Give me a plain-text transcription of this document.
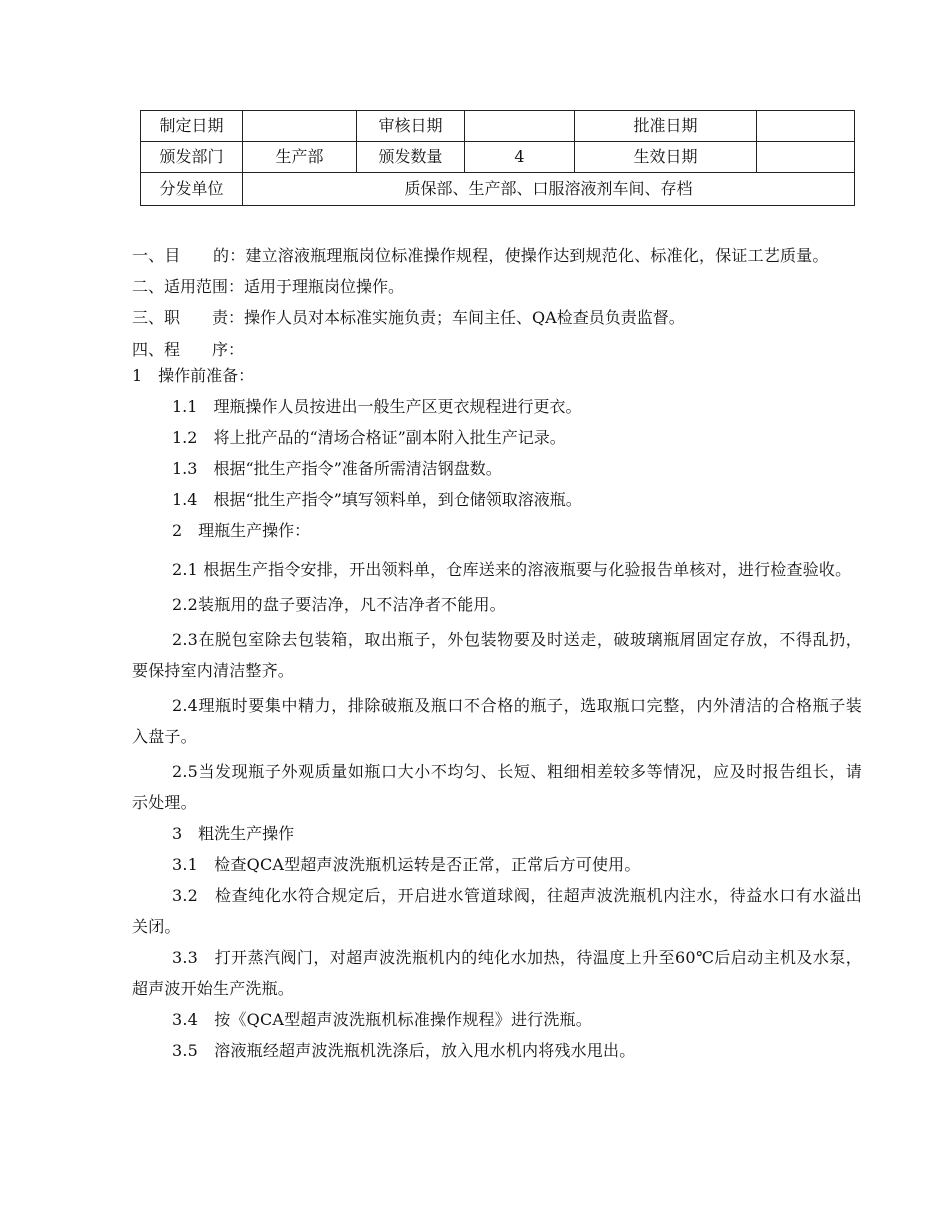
制定日期		审核日期		批准日期	
颁发部门	生产部	颁发数量	4	生效日期	
分发单位	质保部、生产部、口服溶液剂车间、存档				

一、目　　的：建立溶液瓶理瓶岗位标准操作规程，使操作达到规范化、标准化，保证工艺质量。

二、适用范围：适用于理瓶岗位操作。

三、职　　责：操作人员对本标准实施负责；车间主任、QA检查员负责监督。

四、程　　序：

1　操作前准备：

1.1　理瓶操作人员按进出一般生产区更衣规程进行更衣。

1.2　将上批产品的“清场合格证”副本附入批生产记录。

1.3　根据“批生产指令”准备所需清洁钢盘数。

1.4　根据“批生产指令”填写领料单，到仓储领取溶液瓶。

2　理瓶生产操作：

2.1 根据生产指令安排，开出领料单，仓库送来的溶液瓶要与化验报告单核对，进行检查验收。

2.2装瓶用的盘子要洁净，凡不洁净者不能用。

2.3在脱包室除去包装箱，取出瓶子，外包装物要及时送走，破玻璃瓶屑固定存放，不得乱扔，要保持室内清洁整齐。

2.4理瓶时要集中精力，排除破瓶及瓶口不合格的瓶子，选取瓶口完整，内外清洁的合格瓶子装入盘子。

2.5当发现瓶子外观质量如瓶口大小不均匀、长短、粗细相差较多等情况，应及时报告组长，请示处理。

3　粗洗生产操作

3.1　检查QCA型超声波洗瓶机运转是否正常，正常后方可使用。

3.2　检查纯化水符合规定后，开启进水管道球阀，往超声波洗瓶机内注水，待益水口有水溢出关闭。

3.3　打开蒸汽阀门，对超声波洗瓶机内的纯化水加热，待温度上升至60℃后启动主机及水泵，超声波开始生产洗瓶。

3.4　按《QCA型超声波洗瓶机标准操作规程》进行洗瓶。

3.5　溶液瓶经超声波洗瓶机洗涤后，放入甩水机内将残水甩出。
